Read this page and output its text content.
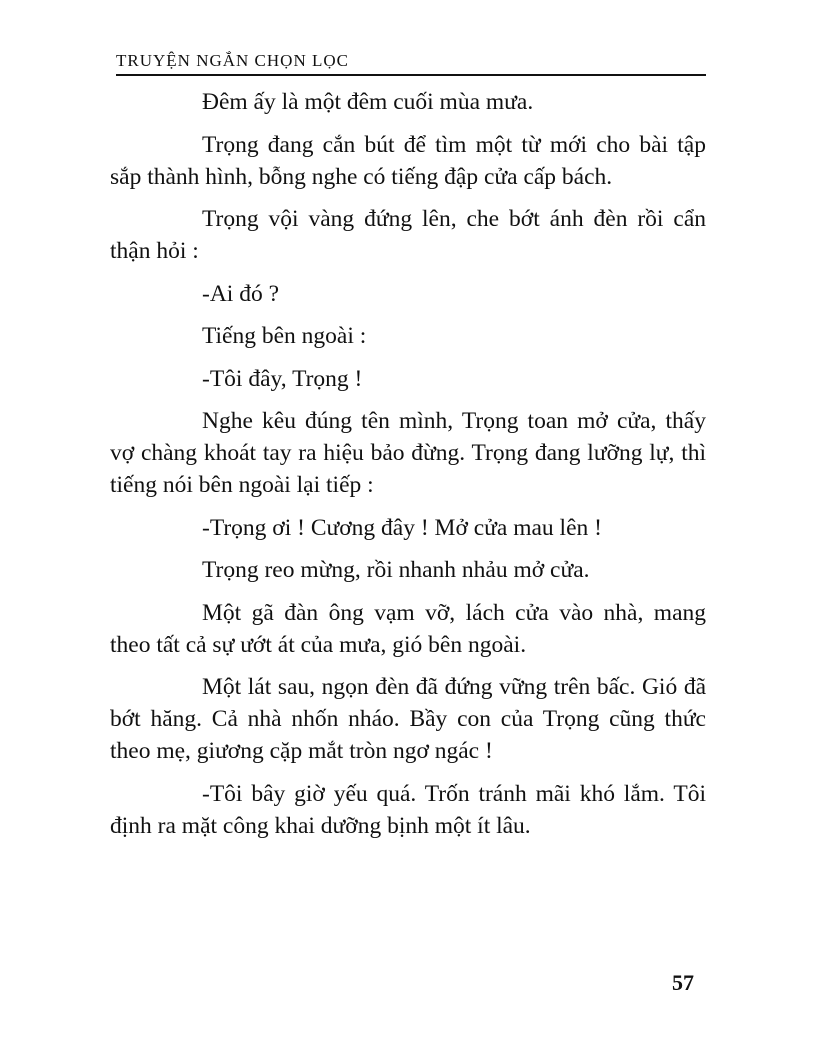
TRUYỆN NGẮN CHỌN LỌC

Đêm ấy là một đêm cuối mùa mưa.

Trọng đang cắn bút để tìm một từ mới cho bài tập sắp thành hình, bỗng nghe có tiếng đập cửa cấp bách.

Trọng vội vàng đứng lên, che bớt ánh đèn rồi cẩn thận hỏi :

-Ai đó ?

Tiếng bên ngoài :

-Tôi đây, Trọng !

Nghe kêu đúng tên mình, Trọng toan mở cửa, thấy vợ chàng khoát tay ra hiệu bảo đừng. Trọng đang lưỡng lự, thì tiếng nói bên ngoài lại tiếp :

-Trọng ơi ! Cương đây ! Mở cửa mau lên !

Trọng reo mừng, rồi nhanh nhảu mở cửa.

Một gã đàn ông vạm vỡ, lách cửa vào nhà, mang theo tất cả sự ướt át của mưa, gió bên ngoài.

Một lát sau, ngọn đèn đã đứng vững trên bấc. Gió đã bớt hăng. Cả nhà nhốn nháo. Bầy con của Trọng cũng thức theo mẹ, giương cặp mắt tròn ngơ ngác !

-Tôi bây giờ yếu quá. Trốn tránh mãi khó lắm. Tôi định ra mặt công khai dưỡng bịnh một ít lâu.

57
